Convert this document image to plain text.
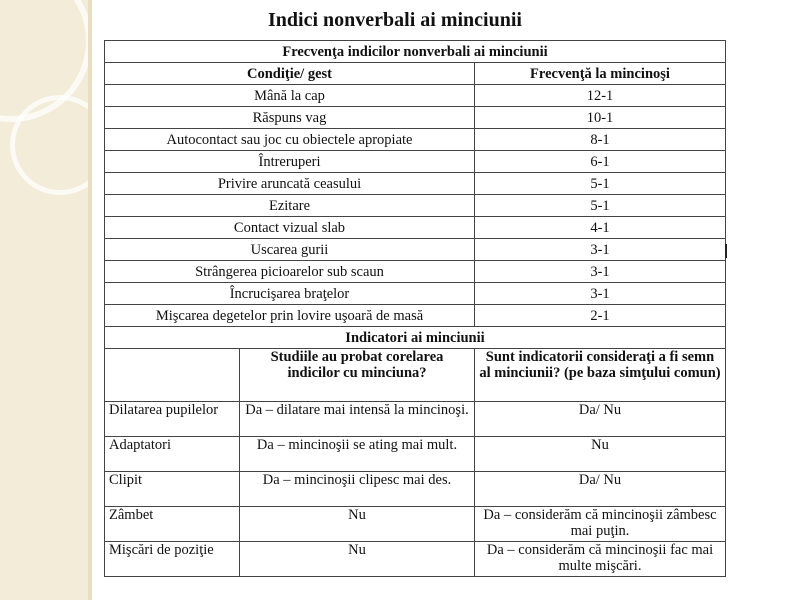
Indici nonverbali ai minciunii
Frecvenţa indicilor nonverbali ai minciunii		
Condiţie/ gest		Frecvenţă la mincinoşi
Mână la cap		12-1
Răspuns vag		10-1
Autocontact sau joc cu obiectele apropiate		8-1
Întreruperi		6-1
Privire aruncată ceasului		5-1
Ezitare		5-1
Contact vizual slab		4-1
Uscarea gurii		3-1
Strângerea picioarelor sub scaun		3-1
Încrucişarea braţelor		3-1
Mişcarea degetelor prin lovire uşoară de masă		2-1
Indicatori ai minciunii		
	Studiile au probat corelarea indicilor cu minciuna?	Sunt indicatorii consideraţi a fi semn al minciunii? (pe baza simţului comun)
Dilatarea pupilelor	Da – dilatare mai intensă la mincinoşi.	Da/ Nu
Adaptatori	Da – mincinoşii se ating mai mult.	Nu
Clipit	Da – mincinoşii clipesc mai des.	Da/ Nu
Zâmbet	Nu	Da – considerăm că mincinoşii zâmbesc mai puţin.
Mişcări de poziţie	Nu	Da – considerăm că mincinoşii fac mai multe mişcări.
